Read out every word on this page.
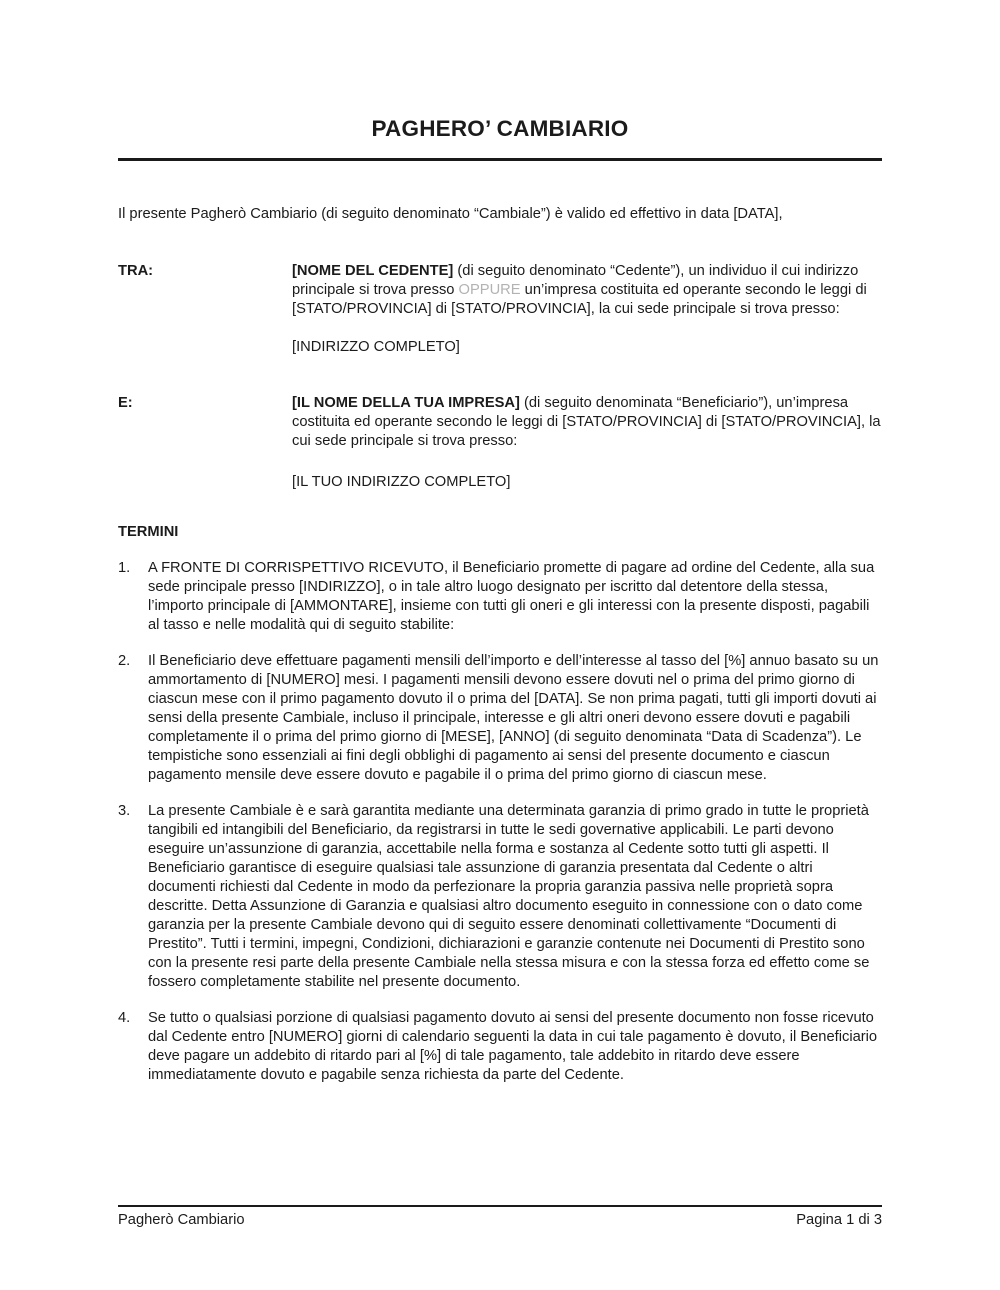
PAGHERO’ CAMBIARIO

Il presente Pagherò Cambiario (di seguito denominato “Cambiale”) è valido ed effettivo in data [DATA],

TRA:	[NOME DEL CEDENTE] (di seguito denominato “Cedente”), un individuo il cui indirizzo principale si trova presso OPPURE un’impresa costituita ed operante secondo le leggi di [STATO/PROVINCIA] di [STATO/PROVINCIA], la cui sede principale si trova presso:

[INDIRIZZO COMPLETO]

E:	[IL NOME DELLA TUA IMPRESA] (di seguito denominata “Beneficiario”), un’impresa costituita ed operante secondo le leggi di [STATO/PROVINCIA] di [STATO/PROVINCIA], la cui sede principale si trova presso:

[IL TUO INDIRIZZO COMPLETO]

TERMINI
1.	A FRONTE DI CORRISPETTIVO RICEVUTO, il Beneficiario promette di pagare ad ordine del Cedente, alla sua sede principale presso [INDIRIZZO], o in tale altro luogo designato per iscritto dal detentore della stessa, l’importo principale di [AMMONTARE], insieme con tutti gli oneri e gli interessi con la presente disposti, pagabili al tasso e nelle modalità qui di seguito stabilite:
2.	Il Beneficiario deve effettuare pagamenti mensili dell’importo e dell’interesse al tasso del [%] annuo basato su un ammortamento di [NUMERO] mesi. I pagamenti mensili devono essere dovuti nel o prima del primo giorno di ciascun mese con il primo pagamento dovuto il o prima del [DATA]. Se non prima pagati, tutti gli importi dovuti ai sensi della presente Cambiale, incluso il principale, interesse e gli altri oneri devono essere dovuti e pagabili completamente il o prima del primo giorno di [MESE], [ANNO] (di seguito denominata “Data di Scadenza”). Le tempistiche sono essenziali ai fini degli obblighi di pagamento ai sensi del presente documento e ciascun pagamento mensile deve essere dovuto e pagabile il o prima del primo giorno di ciascun mese.
3.	La presente Cambiale è e sarà garantita mediante una determinata garanzia di primo grado in tutte le proprietà tangibili ed intangibili del Beneficiario, da registrarsi in tutte le sedi governative applicabili. Le parti devono eseguire un’assunzione di garanzia, accettabile nella forma e sostanza al Cedente sotto tutti gli aspetti. Il Beneficiario garantisce di eseguire qualsiasi tale assunzione di garanzia presentata dal Cedente o altri documenti richiesti dal Cedente in modo da perfezionare la propria garanzia passiva nelle proprietà sopra descritte. Detta Assunzione di Garanzia e qualsiasi altro documento eseguito in connessione con o dato come garanzia per la presente Cambiale devono qui di seguito essere denominati collettivamente “Documenti di Prestito”. Tutti i termini, impegni, Condizioni, dichiarazioni e garanzie contenute nei Documenti di Prestito sono con la presente resi parte della presente Cambiale nella stessa misura e con la stessa forza ed effetto come se fossero completamente stabilite nel presente documento.
4.	Se tutto o qualsiasi porzione di qualsiasi pagamento dovuto ai sensi del presente documento non fosse ricevuto dal Cedente entro [NUMERO] giorni di calendario seguenti la data in cui tale pagamento è dovuto, il Beneficiario deve pagare un addebito di ritardo pari al [%] di tale pagamento, tale addebito in ritardo deve essere immediatamente dovuto e pagabile senza richiesta da parte del Cedente.
Pagherò Cambiario	Pagina 1 di 3
